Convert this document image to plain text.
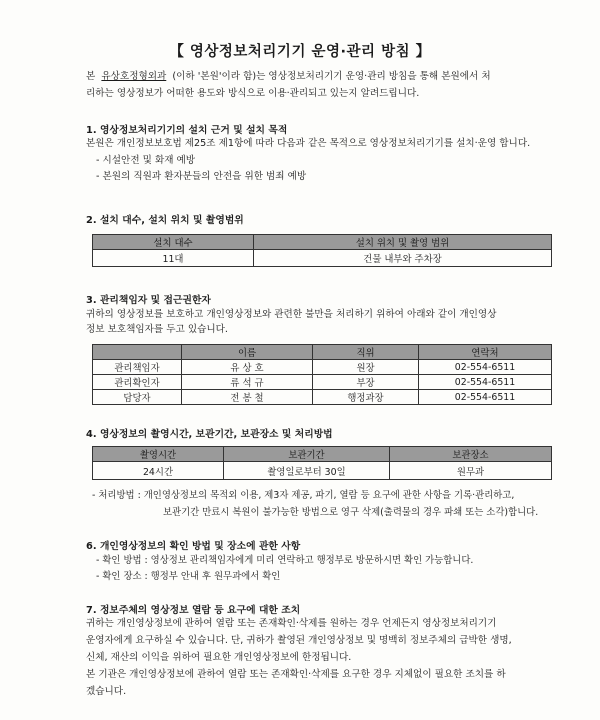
【 영상정보처리기기 운영·관리 방침 】
본 유상호정형외과 (이하 '본원'이라 함)는 영상정보처리기기 운영·관리 방침을 통해 본원에서 처
리하는 영상정보가 어떠한 용도와 방식으로 이용·관리되고 있는지 알려드립니다.
1. 영상정보처리기기의 설치 근거 및 설치 목적
본원은 개인정보보호법 제25조 제1항에 따라 다음과 같은 목적으로 영상정보처리기기를 설치·운영 합니다.
- 시설안전 및 화재 예방
- 본원의 직원과 환자분들의 안전을 위한 범죄 예방
2. 설치 대수, 설치 위치 및 촬영범위
설치 대수	설치 위치 및 촬영 범위
11대	건물 내부와 주차장
3. 관리책임자 및 접근권한자
귀하의 영상정보를 보호하고 개인영상정보와 관련한 불만을 처리하기 위하여 아래와 같이 개인영상
정보 보호책임자를 두고 있습니다.
	이름	직위	연락처
관리책임자	유 상 호	원장	02-554-6511
관리확인자	류 석 규	부장	02-554-6511
담당자	전 봉 철	행정과장	02-554-6511
4. 영상정보의 촬영시간, 보관기간, 보관장소 및 처리방법
촬영시간	보관기간	보관장소
24시간	촬영일로부터 30일	원무과
- 처리방법 : 개인영상정보의 목적외 이용, 제3자 제공, 파기, 열람 등 요구에 관한 사항을 기록·관리하고,
보관기간 만료시 복원이 불가능한 방법으로 영구 삭제(출력물의 경우 파쇄 또는 소각)합니다.
6. 개인영상정보의 확인 방법 및 장소에 관한 사항
- 확인 방법 : 영상정보 관리책임자에게 미리 연락하고 행정부로 방문하시면 확인 가능합니다.
- 확인 장소 : 행정부 안내 후 원무과에서 확인
7. 정보주체의 영상정보 열람 등 요구에 대한 조치
귀하는 개인영상정보에 관하여 열람 또는 존재확인·삭제를 원하는 경우 언제든지 영상정보처리기기
운영자에게 요구하실 수 있습니다. 단, 귀하가 촬영된 개인영상정보 및 명백히 정보주체의 급박한 생명,
신체, 재산의 이익을 위하여 필요한 개인영상정보에 한정됩니다.
본 기관은 개인영상정보에 관하여 열람 또는 존재확인·삭제를 요구한 경우 지체없이 필요한 조치를 하
겠습니다.
